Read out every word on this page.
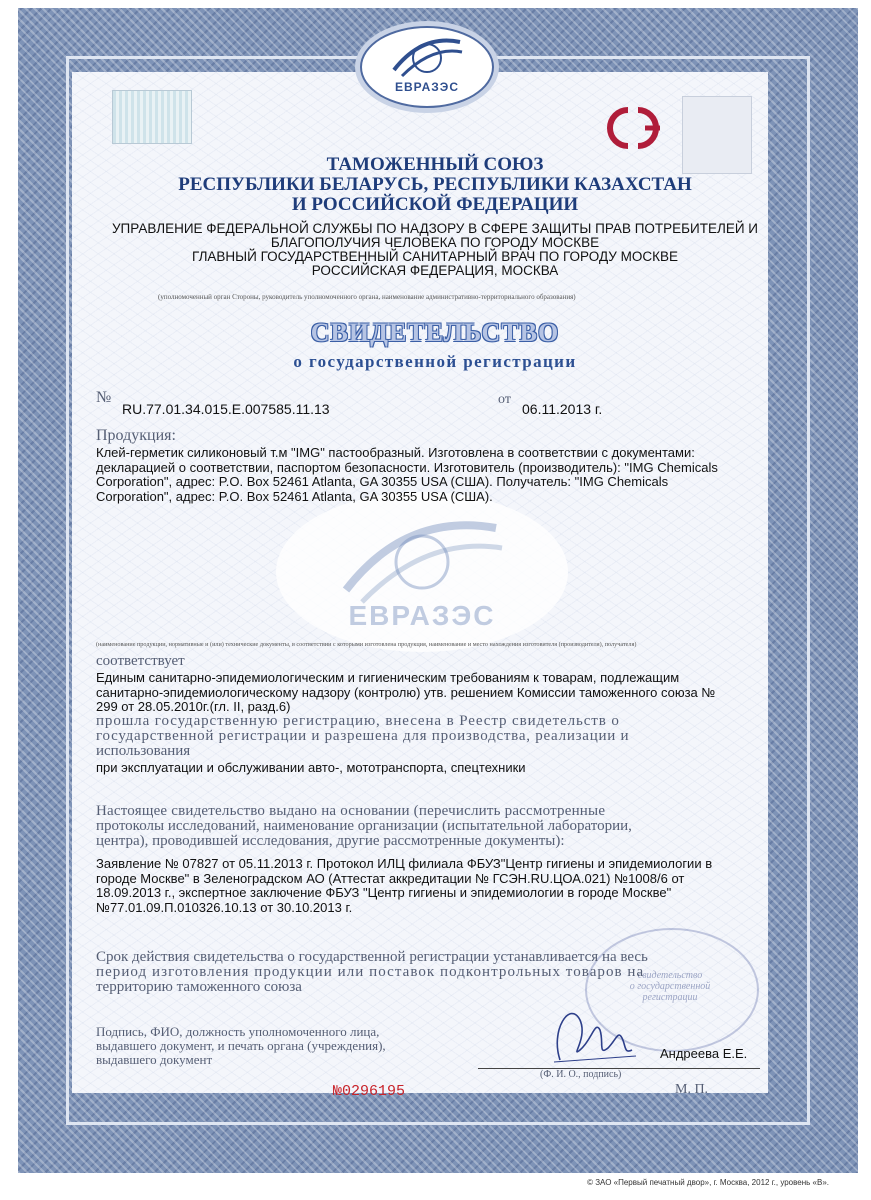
ЕВРАЗЭС
ТАМОЖЕННЫЙ СОЮЗ
РЕСПУБЛИКИ БЕЛАРУСЬ, РЕСПУБЛИКИ КАЗАХСТАН
И РОССИЙСКОЙ ФЕДЕРАЦИИ
УПРАВЛЕНИЕ ФЕДЕРАЛЬНОЙ СЛУЖБЫ ПО НАДЗОРУ В СФЕРЕ ЗАЩИТЫ ПРАВ ПОТРЕБИТЕЛЕЙ И
БЛАГОПОЛУЧИЯ ЧЕЛОВЕКА ПО ГОРОДУ МОСКВЕ
ГЛАВНЫЙ ГОСУДАРСТВЕННЫЙ САНИТАРНЫЙ ВРАЧ ПО ГОРОДУ МОСКВЕ
РОССИЙСКАЯ ФЕДЕРАЦИЯ, МОСКВА
(уполномоченный орган Стороны, руководитель уполномоченного органа, наименование административно-территориального образования)
СВИДЕТЕЛЬСТВО
о государственной регистрации
№
RU.77.01.34.015.E.007585.11.13
от
06.11.2013 г.
ЕВРАЗЭС
Продукция:
Клей-герметик силиконовый т.м "IMG" пастообразный. Изготовлена в соответствии с документами:
декларацией о соответствии, паспортом безопасности. Изготовитель (производитель): "IMG Chemicals
Corporation", адрес: P.O. Box 52461 Atlanta, GA 30355 USA (США). Получатель: "IMG Chemicals
Corporation", адрес: P.O. Box 52461 Atlanta, GA 30355 USA (США).
(наименование продукции, нормативные и (или) технические документы, в соответствии с которыми изготовлена продукция, наименование и место нахождения изготовителя (производителя), получателя)
соответствует
Единым санитарно-эпидемиологическим и гигиеническим требованиям к товарам, подлежащим
санитарно-эпидемиологическому надзору (контролю) утв. решением Комиссии таможенного союза №
299 от 28.05.2010г.(гл. II, разд.6)
прошла государственную регистрацию, внесена в Реестр свидетельств о
государственной регистрации и разрешена для производства, реализации и
использования
при эксплуатации и обслуживании авто-, мототранспорта, спецтехники
Настоящее свидетельство выдано на основании (перечислить рассмотренные
протоколы исследований, наименование организации (испытательной лаборатории,
центра), проводившей исследования, другие рассмотренные документы):
Заявление № 07827 от 05.11.2013 г. Протокол ИЛЦ филиала ФБУЗ"Центр гигиены и эпидемиологии в
городе Москве" в Зеленоградском АО (Аттестат аккредитации № ГСЭН.RU.ЦОА.021) №1008/6 от
18.09.2013 г., экспертное заключение ФБУЗ "Центр гигиены и эпидемиологии в городе Москве"
№77.01.09.П.010326.10.13 от 30.10.2013 г.
свидетельство
о государственной
регистрации
Срок действия свидетельства о государственной регистрации устанавливается на весь
период изготовления продукции или поставок подконтрольных товаров на
территорию таможенного союза
Подпись, ФИО, должность уполномоченного лица,
выдавшего документ, и печать органа (учреждения),
выдавшего документ	Андреева Е.Е.
(Ф. И. О., подпись)
№0296195	М. П.
© ЗАО «Первый печатный двор», г. Москва, 2012 г., уровень «В».
